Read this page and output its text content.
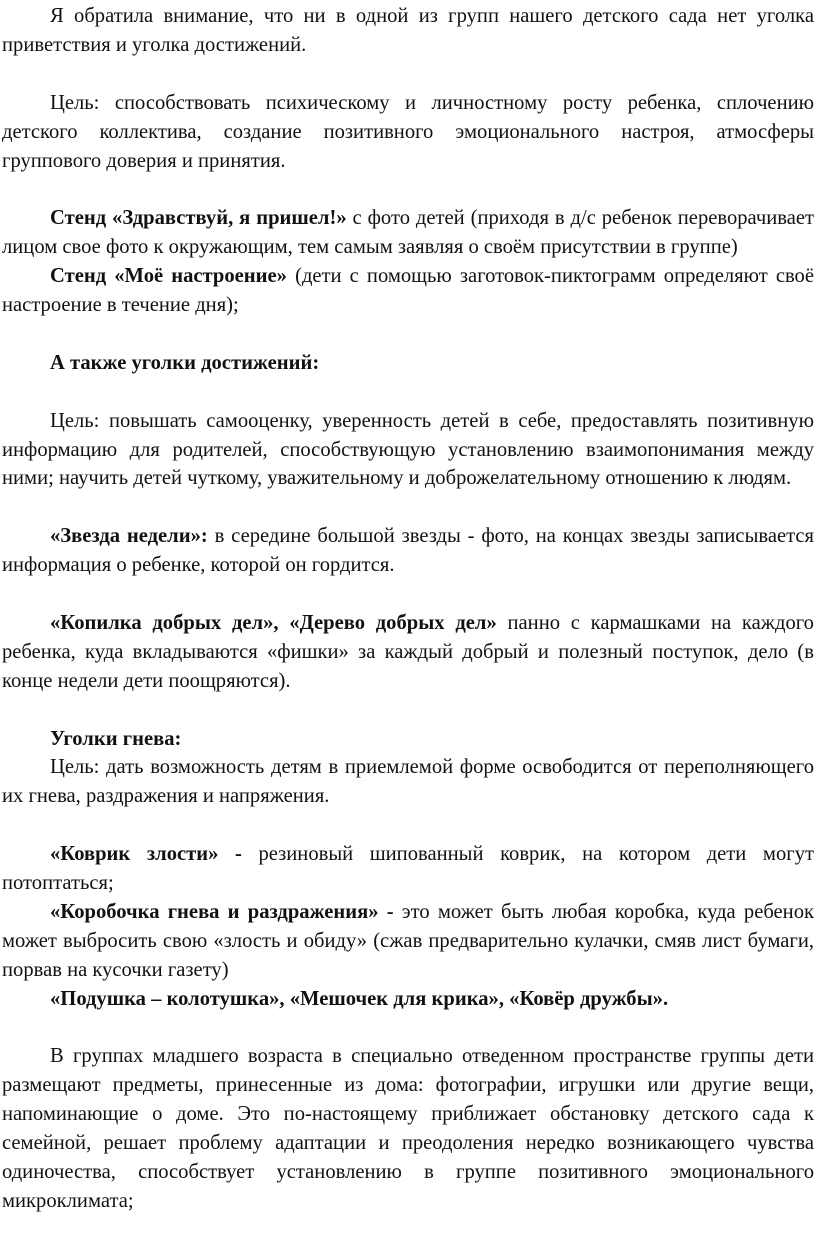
Я обратила внимание, что ни в одной из групп нашего детского сада нет уголка приветствия и уголка достижений.

Цель: способствовать психическому и личностному росту ребенка, сплочению детского коллектива, создание позитивного эмоционального настроя, атмосферы группового доверия и принятия.

Стенд «Здравствуй, я пришел!» с фото детей (приходя в д/с ребенок переворачивает лицом свое фото к окружающим, тем самым заявляя о своём присутствии в группе)

Стенд «Моё настроение» (дети с помощью заготовок-пиктограмм определяют своё настроение в течение дня);

А также уголки достижений:

Цель: повышать самооценку, уверенность детей в себе, предоставлять позитивную информацию для родителей, способствующую установлению взаимопонимания между ними; научить детей чуткому, уважительному и доброжелательному отношению к людям.

«Звезда недели»: в середине большой звезды - фото, на концах звезды записывается информация о ребенке, которой он гордится.

«Копилка добрых дел», «Дерево добрых дел» панно с кармашками на каждого ребенка, куда вкладываются «фишки» за каждый добрый и полезный поступок, дело (в конце недели дети поощряются).

Уголки гнева:

Цель: дать возможность детям в приемлемой форме освободится от переполняющего их гнева, раздражения и напряжения.

«Коврик злости» - резиновый шипованный коврик, на котором дети могут потоптаться;

«Коробочка гнева и раздражения» - это может быть любая коробка, куда ребенок может выбросить свою «злость и обиду» (сжав предварительно кулачки, смяв лист бумаги, порвав на кусочки газету)

«Подушка – колотушка», «Мешочек для крика», «Ковёр дружбы».

В группах младшего возраста в специально отведенном пространстве группы дети размещают предметы, принесенные из дома: фотографии, игрушки или другие вещи, напоминающие о доме. Это по-настоящему приближает обстановку детского сада к семейной, решает проблему адаптации и преодоления нередко возникающего чувства одиночества, способствует установлению в группе позитивного эмоционального микроклимата;
